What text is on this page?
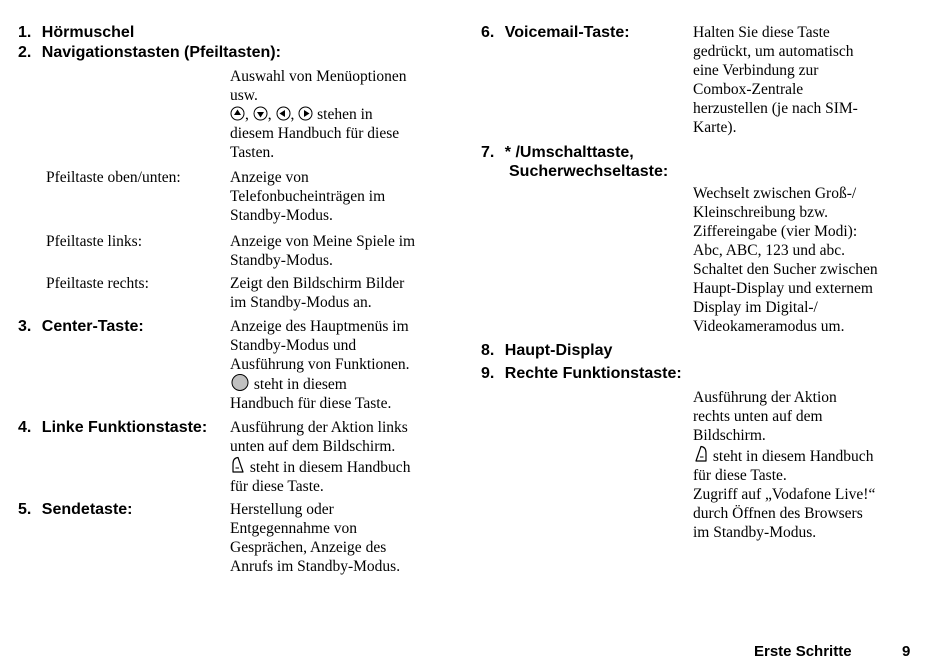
1. Hörmuschel
2. Navigationstasten (Pfeiltasten):
Auswahl von Menüoptionen
usw.
, , , stehen in
diesem Handbuch für diese
Tasten.
Pfeiltaste oben/unten:	Anzeige von
Telefonbucheinträgen im
Standby-Modus.
Pfeiltaste links:	Anzeige von Meine Spiele im
Standby-Modus.
Pfeiltaste rechts:	Zeigt den Bildschirm Bilder
im Standby-Modus an.
3. Center-Taste:	Anzeige des Hauptmenüs im
Standby-Modus und
Ausführung von Funktionen.
steht in diesem
Handbuch für diese Taste.
4. Linke Funktionstaste: Ausführung der Aktion links
unten auf dem Bildschirm.
steht in diesem Handbuch
für diese Taste.
5. Sendetaste:	Herstellung oder
Entgegennahme von
Gesprächen, Anzeige des
Anrufs im Standby-Modus.
6. Voicemail-Taste:	Halten Sie diese Taste
gedrückt, um automatisch
eine Verbindung zur
Combox-Zentrale
herzustellen (je nach SIM-
Karte).
7. * /Umschalttaste,
Sucherwechseltaste:
Wechselt zwischen Groß-/
Kleinschreibung bzw.
Ziffereingabe (vier Modi):
Abc, ABC, 123 und abc.
Schaltet den Sucher zwischen
Haupt-Display und externem
Display im Digital-/
Videokameramodus um.
8. Haupt-Display
9. Rechte Funktionstaste:
Ausführung der Aktion
rechts unten auf dem
Bildschirm.
steht in diesem Handbuch
für diese Taste.
Zugriff auf „Vodafone Live!“
durch Öffnen des Browsers
im Standby-Modus.
Erste Schritte	9
